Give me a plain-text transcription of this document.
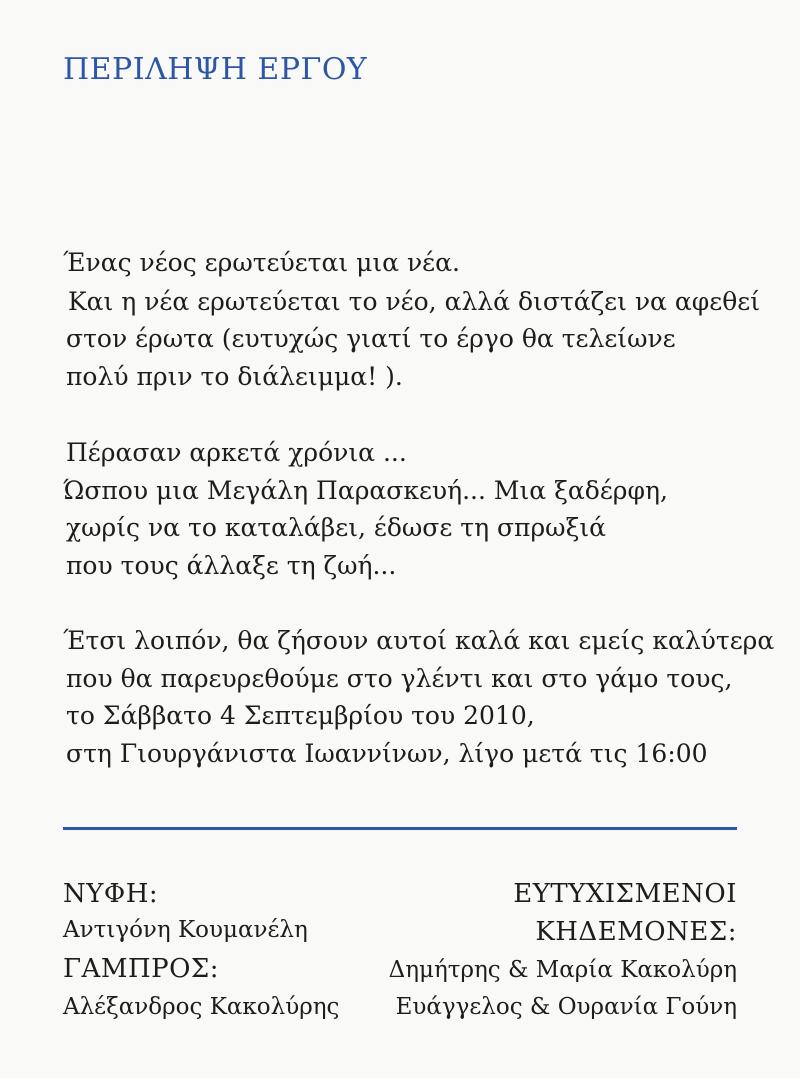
ΠΕΡΙΛΗΨΗ ΕΡΓΟΥ
Ένας νέος ερωτεύεται μια νέα.
Και η νέα ερωτεύεται το νέο, αλλά διστάζει να αφεθεί
στον έρωτα (ευτυχώς γιατί το έργο θα τελείωνε
πολύ πριν το διάλειμμα! ).
Πέρασαν αρκετά χρόνια ...
Ώσπου μια Μεγάλη Παρασκευή... Μια ξαδέρφη,
χωρίς να το καταλάβει, έδωσε τη σπρωξιά
που τους άλλαξε τη ζωή...
Έτσι λοιπόν, θα ζήσουν αυτοί καλά και εμείς καλύτερα
που θα παρευρεθούμε στο γλέντι και στο γάμο τους,
το Σάββατο 4 Σεπτεμβρίου του 2010,
στη Γιουργάνιστα Ιωαννίνων, λίγο μετά τις 16:00
ΝΥΦΗ:
Αντιγόνη Κουμανέλη
ΓΑΜΠΡΟΣ:
Αλέξανδρος Κακολύρης
ΕΥΤΥΧΙΣΜΕΝΟΙ
ΚΗΔΕΜΟΝΕΣ:
Δημήτρης & Μαρία Κακολύρη
Ευάγγελος & Ουρανία Γούνη
